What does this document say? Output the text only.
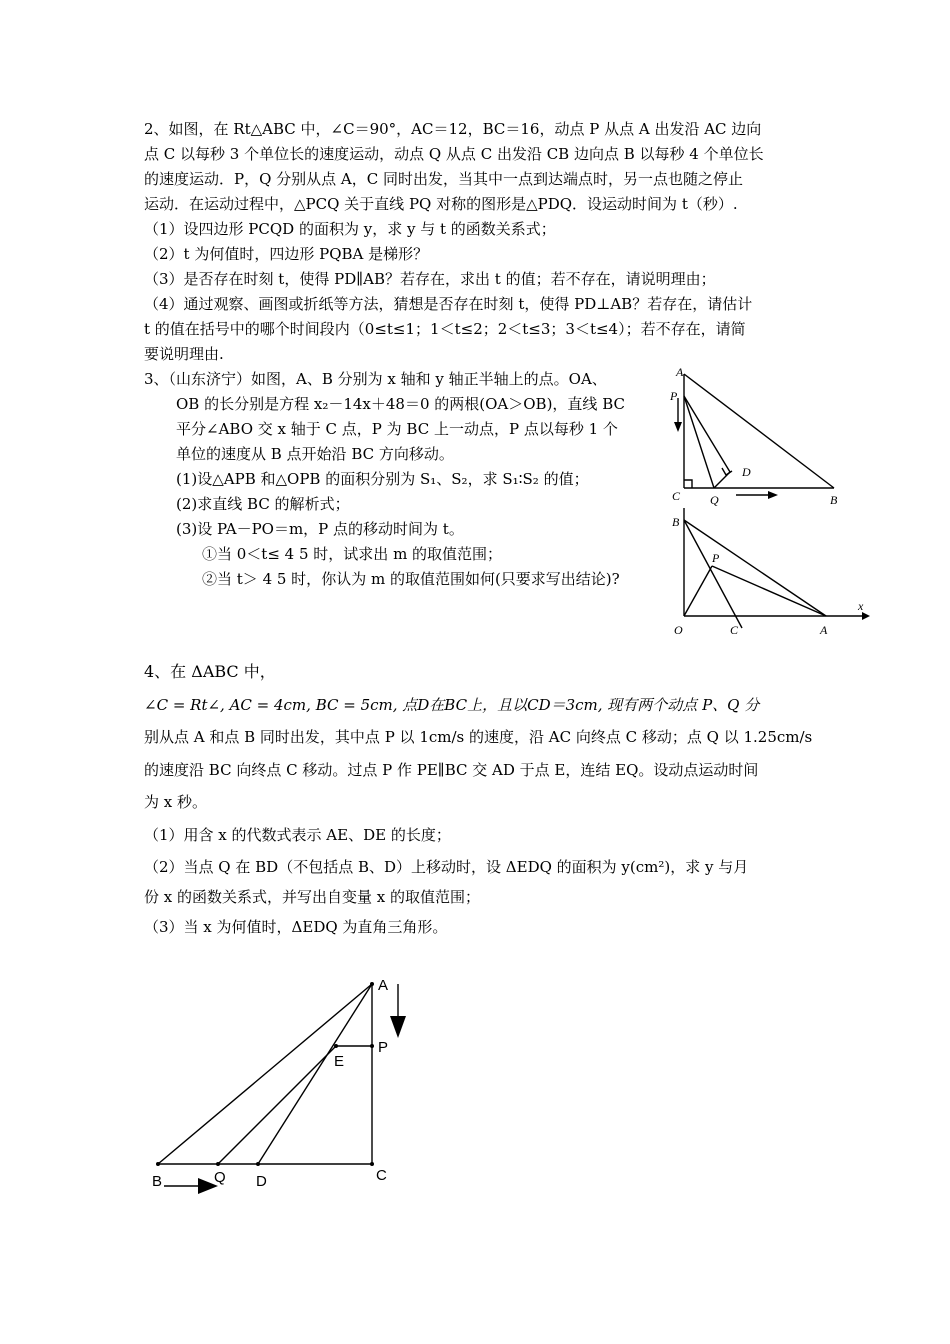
2、如图，在 Rt△ABC 中，∠C＝90°，AC＝12，BC＝16，动点 P 从点 A 出发沿 AC 边向
点 C 以每秒 3 个单位长的速度运动，动点 Q 从点 C 出发沿 CB 边向点 B 以每秒 4 个单位长
的速度运动．P，Q 分别从点 A，C 同时出发，当其中一点到达端点时，另一点也随之停止
运动．在运动过程中，△PCQ 关于直线 PQ 对称的图形是△PDQ．设运动时间为 t（秒）.
（1）设四边形 PCQD 的面积为 y，求 y 与 t 的函数关系式；
（2）t 为何值时，四边形 PQBA 是梯形？
（3）是否存在时刻 t，使得 PD∥AB？若存在，求出 t 的值；若不存在，请说明理由；
（4）通过观察、画图或折纸等方法，猜想是否存在时刻 t，使得 PD⊥AB？若存在，请估计
t 的值在括号中的哪个时间段内（0≤t≤1；1＜t≤2；2＜t≤3；3＜t≤4）；若不存在，请简
要说明理由.
3、（山东济宁）如图，A、B 分别为 x 轴和 y 轴正半轴上的点。OA、
OB 的长分别是方程 x₂－14x＋48＝0 的两根(OA＞OB)，直线 BC
平分∠ABO 交 x 轴于 C 点，P 为 BC 上一动点，P 点以每秒 1 个
单位的速度从 B 点开始沿 BC 方向移动。
(1)设△APB 和△OPB 的面积分别为 S₁、S₂，求 S₁∶S₂ 的值；
(2)求直线 BC 的解析式；
(3)设 PA－PO＝m，P 点的移动时间为 t。
①当 0＜t≤ 4 5 时，试求出 m 的取值范围；
②当 t＞ 4 5 时，你认为 m 的取值范围如何(只要求写出结论)?
4、在 ΔABC 中，
∠C = Rt∠, AC = 4cm, BC = 5cm, 点D在BC上，且以CD＝3cm, 现有两个动点 P、Q 分
别从点 A 和点 B 同时出发，其中点 P 以 1cm/s 的速度，沿 AC 向终点 C 移动；点 Q 以 1.25cm/s
的速度沿 BC 向终点 C 移动。过点 P 作 PE∥BC 交 AD 于点 E，连结 EQ。设动点运动时间
为 x 秒。
（1）用含 x 的代数式表示 AE、DE 的长度；
（2）当点 Q 在 BD（不包括点 B、D）上移动时，设 ΔEDQ 的面积为 y(cm²)，求 y 与月
份 x 的函数关系式，并写出自变量 x 的取值范围；
（3）当 x 为何值时，ΔEDQ 为直角三角形。
A
P
D
C Q	B
B
P
x
O	C	A
A
P
E
B	Q D	C
